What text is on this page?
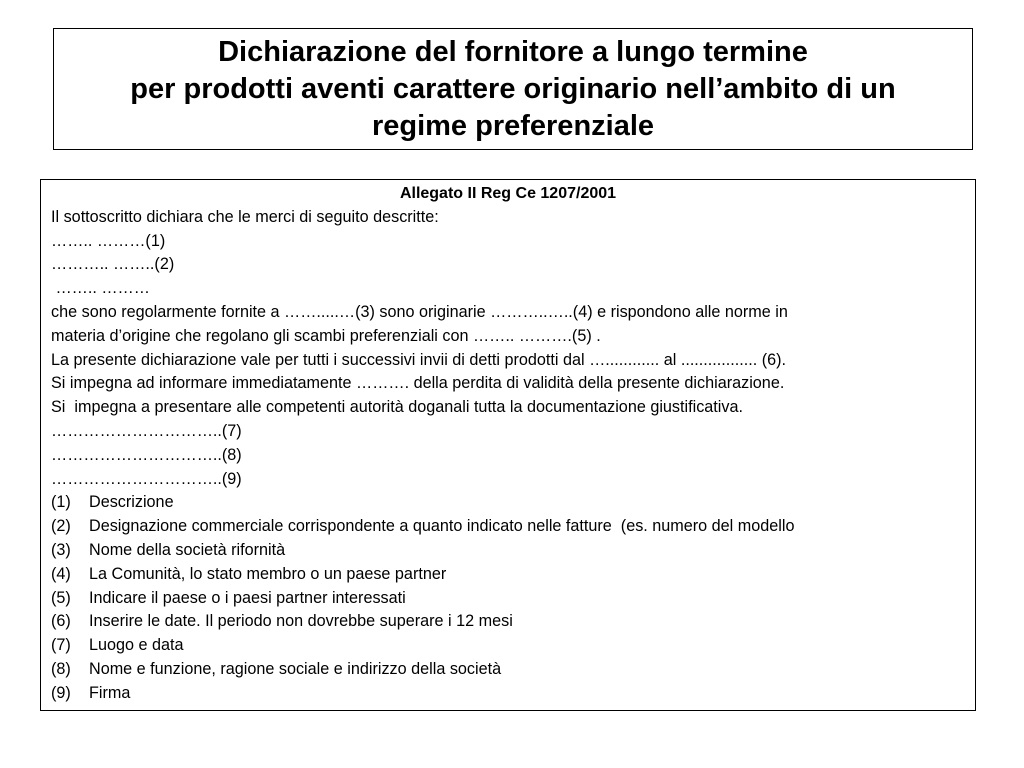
Dichiarazione del fornitore a lungo termine
per prodotti aventi carattere originario nell’ambito di un
regime preferenziale
Allegato II Reg Ce 1207/2001
Il sottoscritto dichiara che le merci di seguito descritte:
…….. ………(1)
……….. ……..(2)
…….. ………
che sono regolarmente fornite a …….....…(3) sono originarie ………..…..(4) e rispondono alle norme in
materia d’origine che regolano gli scambi preferenziali con …….. ……….(5) .
La presente dichiarazione vale per tutti i successivi invii di detti prodotti dal …............ al ................. (6).
Si impegna ad informare immediatamente ………. della perdita di validità della presente dichiarazione.
Si  impegna a presentare alle competenti autorità doganali tutta la documentazione giustificativa.
…………………………..(7)
…………………………..(8)
…………………………..(9)
(1)	Descrizione
(2)	Designazione commerciale corrispondente a quanto indicato nelle fatture  (es. numero del modello
(3)	Nome della società rifornità
(4)	La Comunità, lo stato membro o un paese partner
(5)	Indicare il paese o i paesi partner interessati
(6)	Inserire le date. Il periodo non dovrebbe superare i 12 mesi
(7)	Luogo e data
(8)	Nome e funzione, ragione sociale e indirizzo della società
(9)	Firma
